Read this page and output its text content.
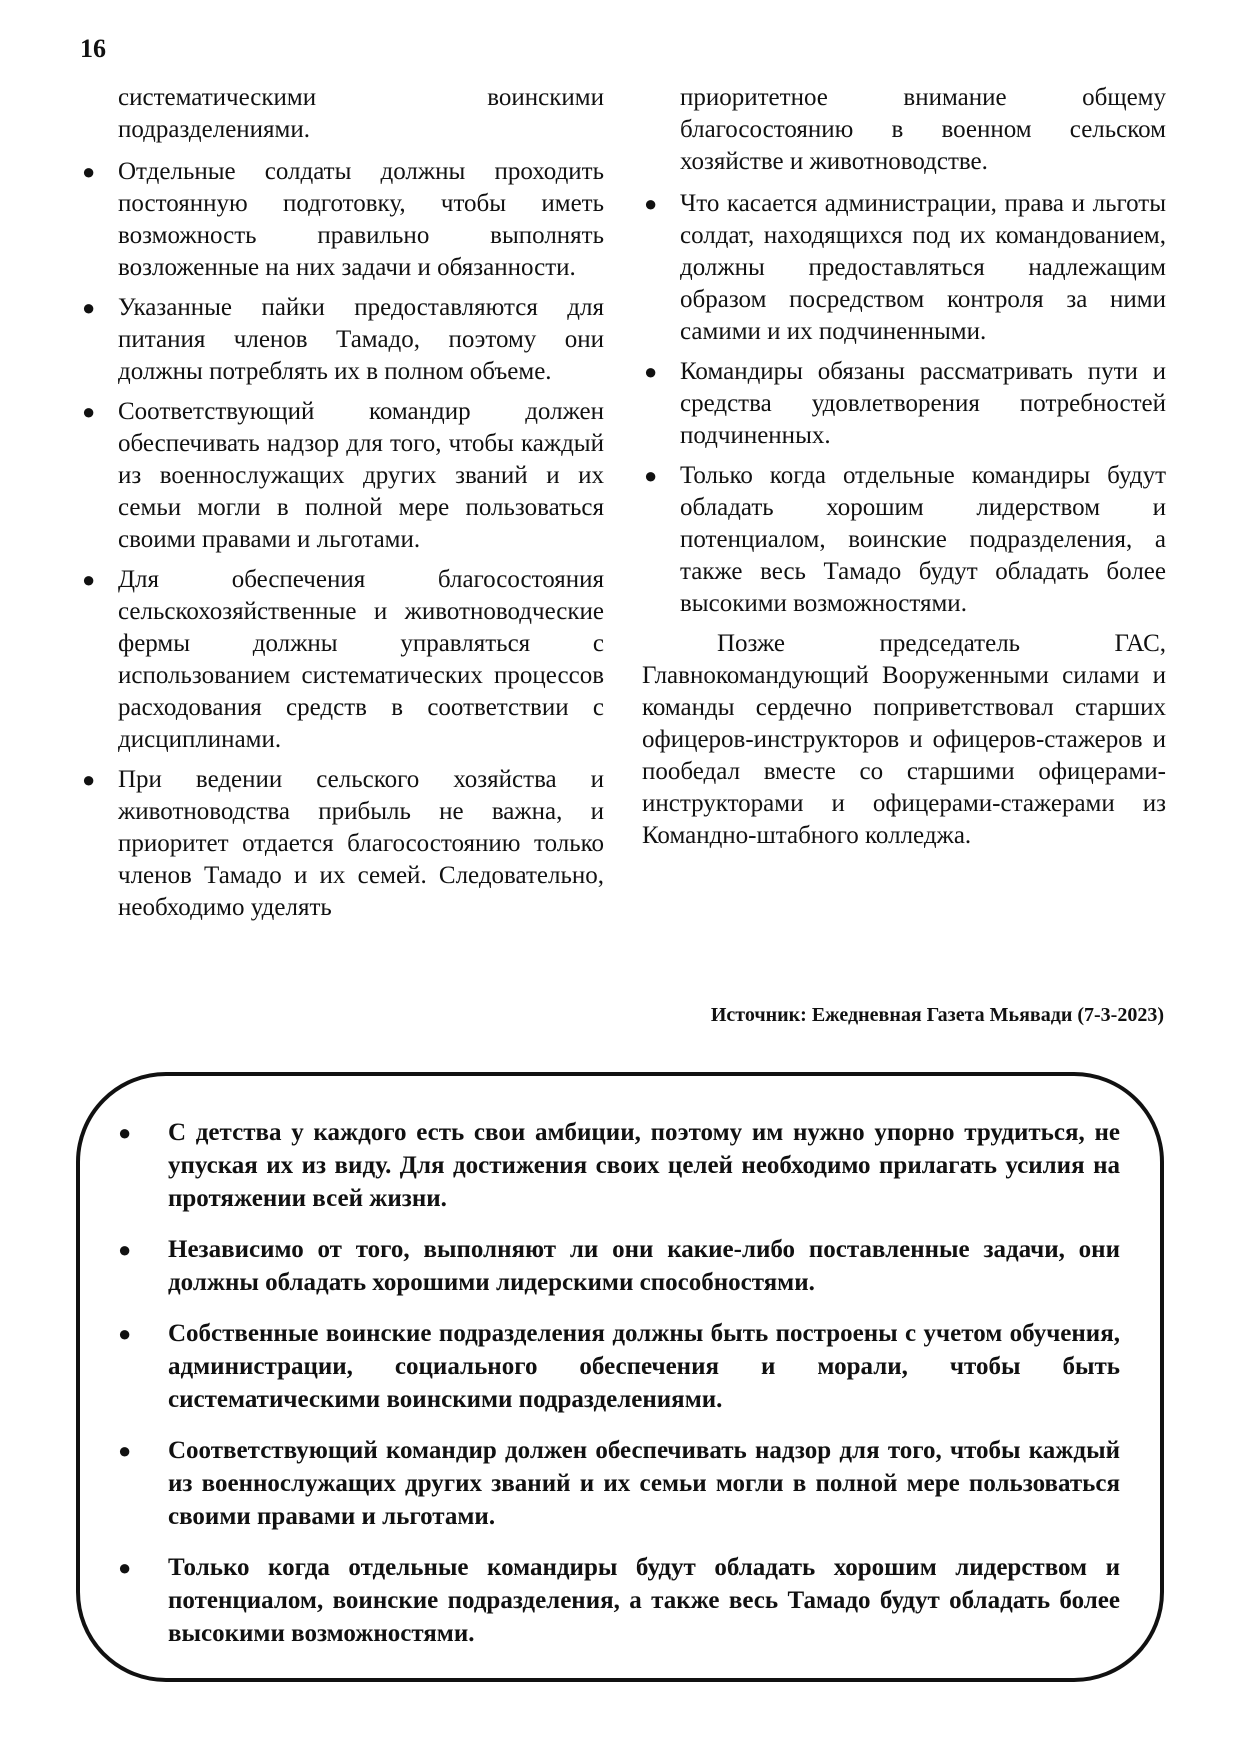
16
систематическими воинскими подразделениями.
● Отдельные солдаты должны проходить постоянную подготовку, чтобы иметь возможность правильно выполнять возложенные на них задачи и обязанности.
● Указанные пайки предоставляются для питания членов Тамадо, поэтому они должны потреблять их в полном объеме.
● Соответствующий командир должен обеспечивать надзор для того, чтобы каждый из военнослужащих других званий и их семьи могли в полной мере пользоваться своими правами и льготами.
● Для обеспечения благосостояния сельскохозяйственные и животноводческие фермы должны управляться с использованием систематических процессов расходования средств в соответствии с дисциплинами.
● При ведении сельского хозяйства и животноводства прибыль не важна, и приоритет отдается благосостоянию только членов Тамадо и их семей. Следовательно, необходимо уделять
приоритетное внимание общему благосостоянию в военном сельском хозяйстве и животноводстве.
● Что касается администрации, права и льготы солдат, находящихся под их командованием, должны предоставляться надлежащим образом посредством контроля за ними самими и их подчиненными.
● Командиры обязаны рассматривать пути и средства удовлетворения потребностей подчиненных.
● Только когда отдельные командиры будут обладать хорошим лидерством и потенциалом, воинские подразделения, а также весь Тамадо будут обладать более высокими возможностями.

Позже председатель ГАС, Главнокомандующий Вооруженными силами и команды сердечно поприветствовал старших офицеров-инструкторов и офицеров-стажеров и пообедал вместе со старшими офицерами-инструкторами и офицерами-стажерами из Командно-штабного колледжа.

Источник: Ежедневная Газета Мьявади (7-3-2023)
● С детства у каждого есть свои амбиции, поэтому им нужно упорно трудиться, не упуская их из виду. Для достижения своих целей необходимо прилагать усилия на протяжении всей жизни.
● Независимо от того, выполняют ли они какие-либо поставленные задачи, они должны обладать хорошими лидерскими способностями.
● Собственные воинские подразделения должны быть построены с учетом обучения, администрации, социального обеспечения и морали, чтобы быть систематическими воинскими подразделениями.
● Соответствующий командир должен обеспечивать надзор для того, чтобы каждый из военнослужащих других званий и их семьи могли в полной мере пользоваться своими правами и льготами.
● Только когда отдельные командиры будут обладать хорошим лидерством и потенциалом, воинские подразделения, а также весь Тамадо будут обладать более высокими возможностями.
